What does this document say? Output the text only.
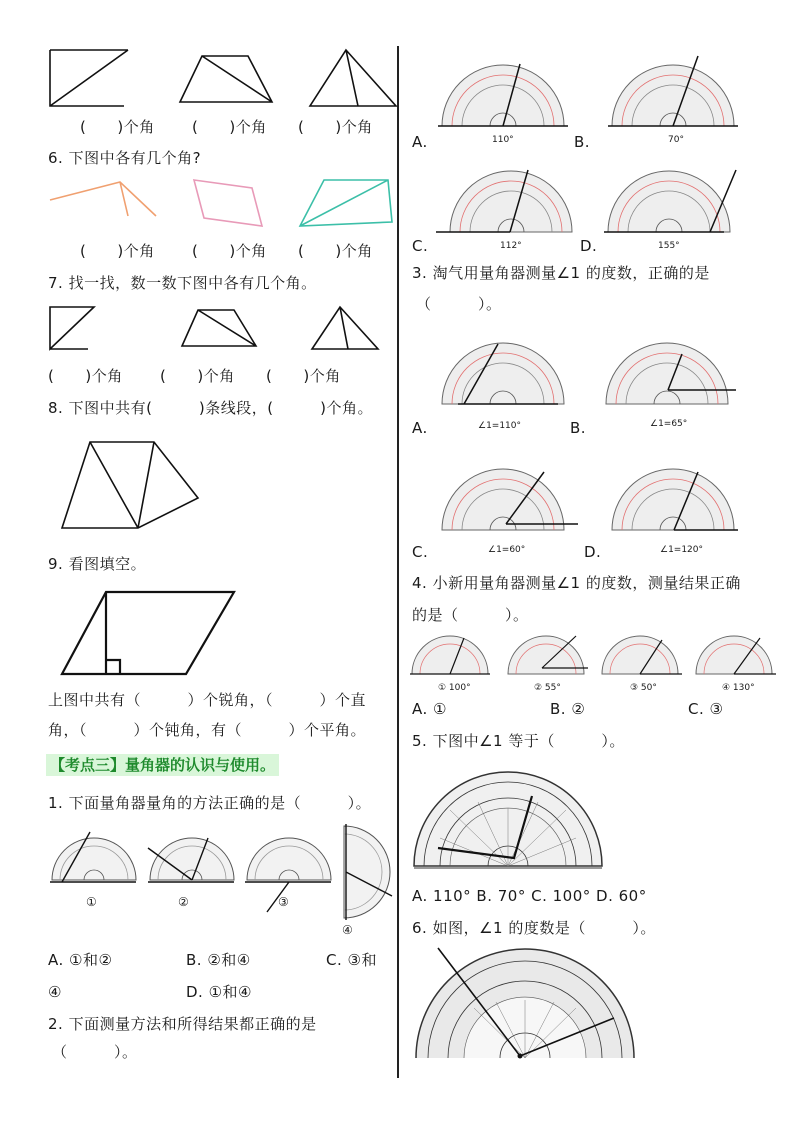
(　　)个角 (　　)个角 (　　)个角
6. 下图中各有几个角?
(　　)个角 (　　)个角 (　　)个角
7. 找一找，数一数下图中各有几个角。
(　　)个角 (　　)个角 (　　)个角
8. 下图中共有(　　　)条线段，(　　　)个角。
9. 看图填空。
上图中共有（　　　）个锐角，（　　　）个直
角，（　　　）个钝角，有（　　　）个平角。
【考点三】量角器的认识与使用。
1. 下面量角器量角的方法正确的是（　　　）。
①	②	③
④
A. ①和②	B. ②和④	C. ③和
④	D. ①和④
2. 下面测量方法和所得结果都正确的是
（　　　）。
110°	70°
A.	B.
112°	155°
C.	D.
3. 淘气用量角器测量∠1 的度数，正确的是
（　　　）。
∠1=110°	∠1=65°
A.	B.
∠1=60°	∠1=120°
C.	D.
4. 小新用量角器测量∠1 的度数，测量结果正确
的是（　　　）。
① 100°	② 55°	③ 50°	④ 130°
A. ①	B. ②	C. ③
5. 下图中∠1 等于（　　　）。
A. 110° B. 70° C. 100° D. 60°
6. 如图，∠1 的度数是（　　　）。
